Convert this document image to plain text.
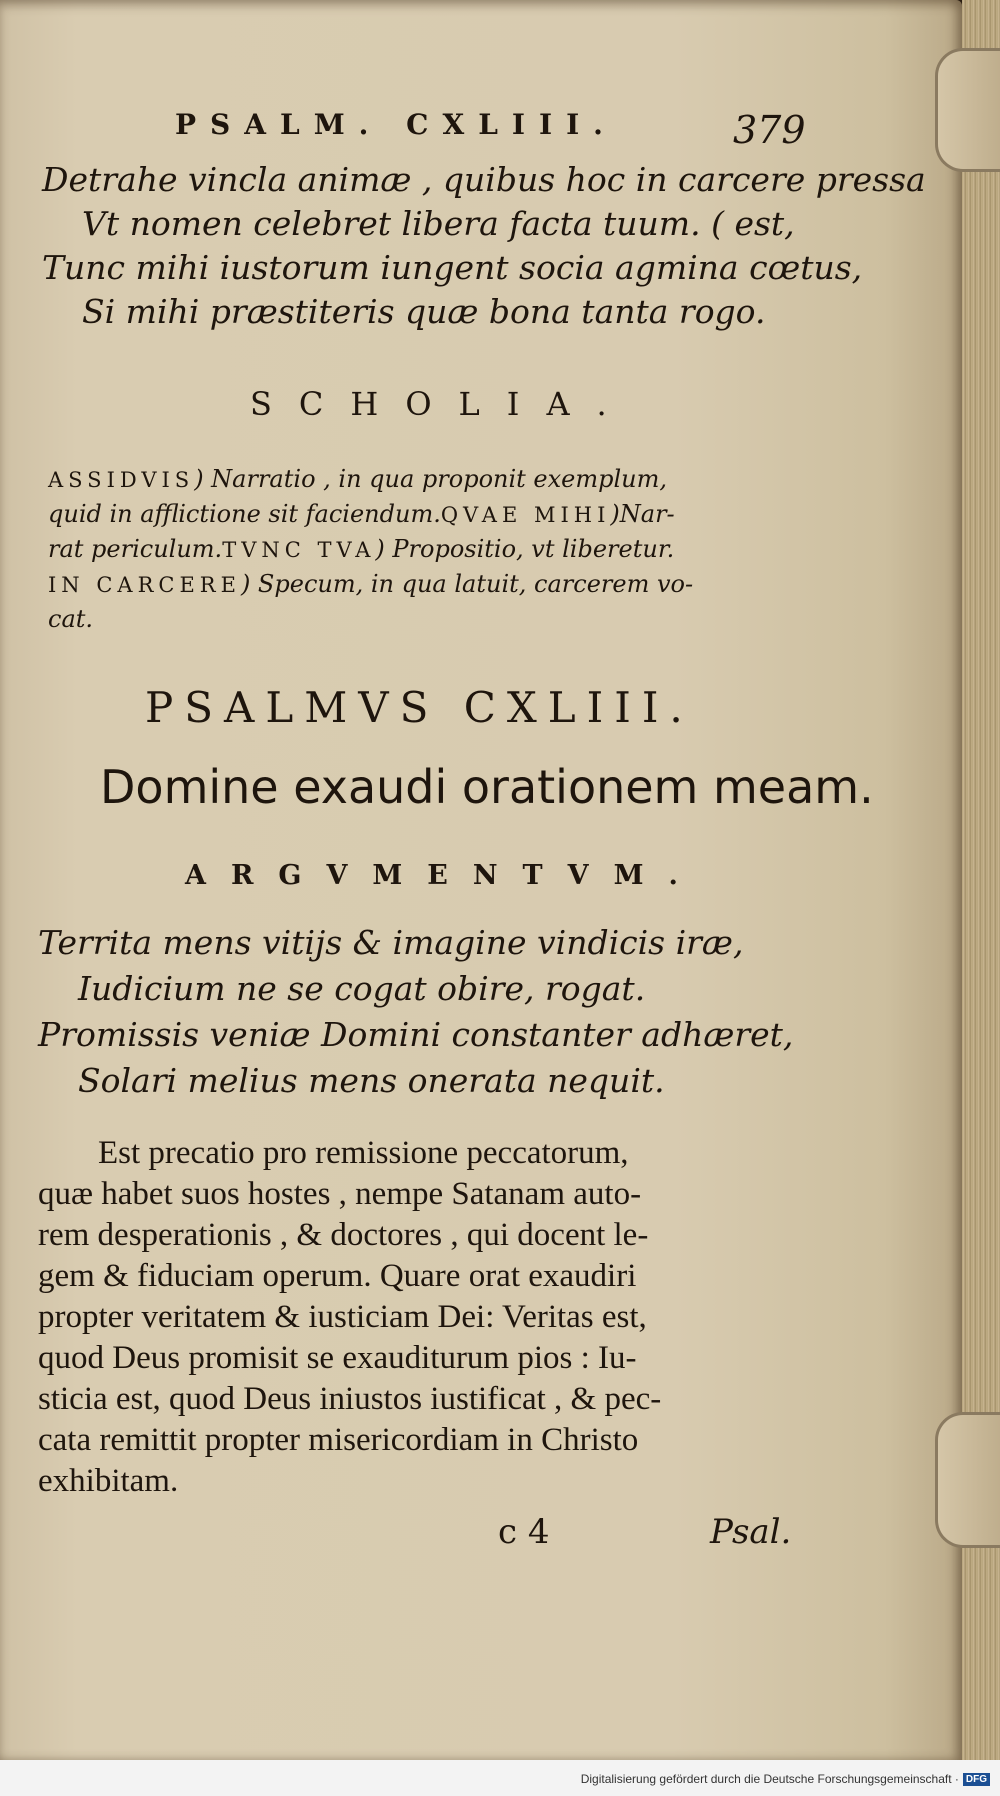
PSALM. CXLIII.	379
Detrahe vincla animæ , quibus hoc in carcere pressa
Vt nomen celebret libera facta tuum. ( est,
Tunc mihi iustorum iungent socia agmina cœtus,
Si mihi præstiteris quæ bona tanta rogo.
SCHOLIA.
ASSIDVIS) Narratio , in qua proponit exemplum,
quid in afflictione sit faciendum.QVAE MIHI)Nar-
rat periculum.TVNC TVA) Propositio, vt liberetur.
IN CARCERE) Specum, in qua latuit, carcerem vo-
cat.
PSALMVS CXLIII.
Domine exaudi orationem meam.
ARGVMENTVM.
Territa mens vitijs & imagine vindicis iræ,
Iudicium ne se cogat obire, rogat.
Promissis veniæ Domini constanter adhæret,
Solari melius mens onerata nequit.
Est precatio pro remissione peccatorum,
quæ habet suos hostes , nempe Satanam auto-
rem desperationis , & doctores , qui docent le-
gem & fiduciam operum. Quare orat exaudiri
propter veritatem & iusticiam Dei: Veritas est,
quod Deus promisit se exauditurum pios : Iu-
sticia est, quod Deus iniustos iustificat , & pec-
cata remittit propter misericordiam in Christo
exhibitam.
c 4	Psal.
Digitalisierung gefördert durch die Deutsche Forschungsgemeinschaft · DFG
